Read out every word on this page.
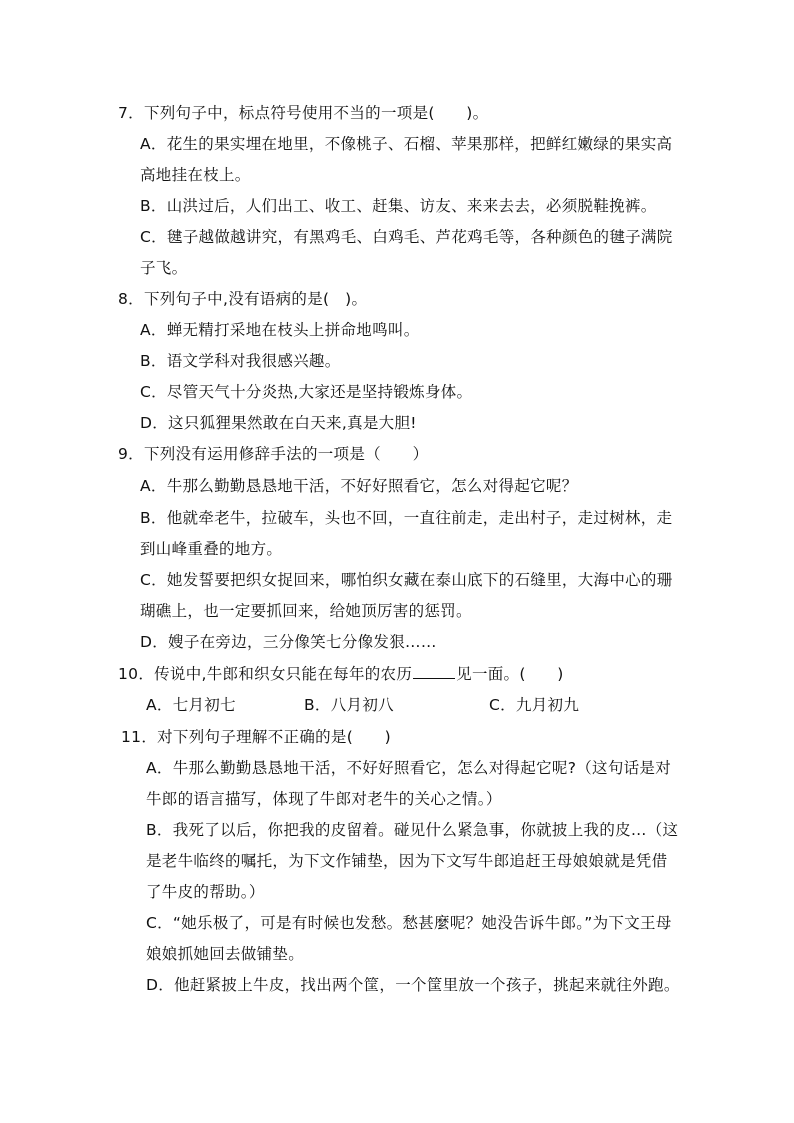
7．下列句子中，标点符号使用不当的一项是(　　)。
A．花生的果实埋在地里，不像桃子、石榴、苹果那样，把鲜红嫩绿的果实高
高地挂在枝上。
B．山洪过后，人们出工、收工、赶集、访友、来来去去，必须脱鞋挽裤。
C．毽子越做越讲究，有黑鸡毛、白鸡毛、芦花鸡毛等，各种颜色的毽子满院
子飞。
8．下列句子中,没有语病的是(　)。
A．蝉无精打采地在枝头上拼命地鸣叫。
B．语文学科对我很感兴趣。
C．尽管天气十分炎热,大家还是坚持锻炼身体。
D．这只狐狸果然敢在白天来,真是大胆!
9．下列没有运用修辞手法的一项是（　　）
A．牛那么勤勤恳恳地干活，不好好照看它，怎么对得起它呢？
B．他就牵老牛，拉破车，头也不回，一直往前走，走出村子，走过树林，走
到山峰重叠的地方。
C．她发誓要把织女捉回来，哪怕织女藏在泰山底下的石缝里，大海中心的珊
瑚礁上，也一定要抓回来，给她顶厉害的惩罚。
D．嫂子在旁边，三分像笑七分像发狠……
10．传说中,牛郎和织女只能在每年的农历	见一面。(　　)
A．七月初七	B．八月初八	C．九月初九
11．对下列句子理解不正确的是(　　)
A．牛那么勤勤恳恳地干活，不好好照看它，怎么对得起它呢?（这句话是对
牛郎的语言描写，体现了牛郎对老牛的关心之情。）
B．我死了以后，你把我的皮留着。碰见什么紧急事，你就披上我的皮…（这
是老牛临终的嘱托，为下文作铺垫，因为下文写牛郎追赶王母娘娘就是凭借
了牛皮的帮助。）
C．“她乐极了，可是有时候也发愁。愁甚麼呢？她没告诉牛郎。”为下文王母
娘娘抓她回去做铺垫。
D．他赶紧披上牛皮，找出两个筐，一个筐里放一个孩子，挑起来就往外跑。
